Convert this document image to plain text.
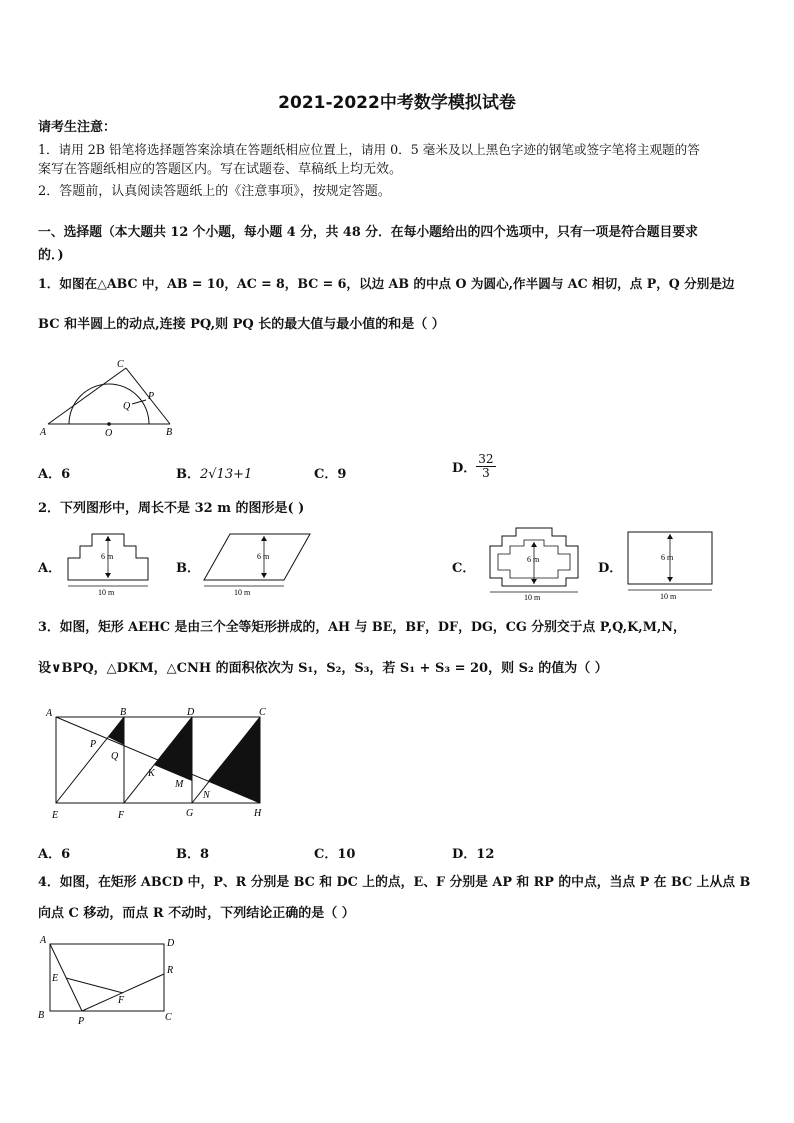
2021-2022中考数学模拟试卷
请考生注意：
1．请用 2B 铅笔将选择题答案涂填在答题纸相应位置上，请用 0．5 毫米及以上黑色字迹的钢笔或签字笔将主观题的答
案写在答题纸相应的答题区内。写在试题卷、草稿纸上均无效。
2．答题前，认真阅读答题纸上的《注意事项》，按规定答题。
一、选择题（本大题共 12 个小题，每小题 4 分，共 48 分．在每小题给出的四个选项中，只有一项是符合题目要求
的．)
1．如图在△ABC 中，AB = 10，AC = 8，BC = 6，以边 AB 的中点 O 为圆心,作半圆与 AC 相切，点 P，Q 分别是边
BC 和半圆上的动点,连接 PQ,则 PQ 长的最大值与最小值的和是（ ）
A	B
C
O
P
Q
A．6	B．2√13+1	C．9	D． $\frac{32}{3}$
2．下列图形中，周长不是 32 m 的图形是( )
A．
6 m
10 m
B．
6 m
10 m
C．
6 m
10 m
D．
6 m
10 m
3．如图，矩形 AEHC 是由三个全等矩形拼成的，AH 与 BE，BF，DF，DG，CG 分别交于点 P,Q,K,M,N，
设∨BPQ，△DKM，△CNH 的面积依次为 S₁，S₂，S₃，若 S₁ + S₃ = 20，则 S₂ 的值为（ ）
A	B	D	C
P
Q
K
M
N
E	F	G	H
A．6	B．8	C．10	D．12
4．如图，在矩形 ABCD 中，P、R 分别是 BC 和 DC 上的点，E、F 分别是 AP 和 RP 的中点，当点 P 在 BC 上从点 B
向点 C 移动，而点 R 不动时，下列结论正确的是（ ）
A	D
E
R
F
B
P	C
